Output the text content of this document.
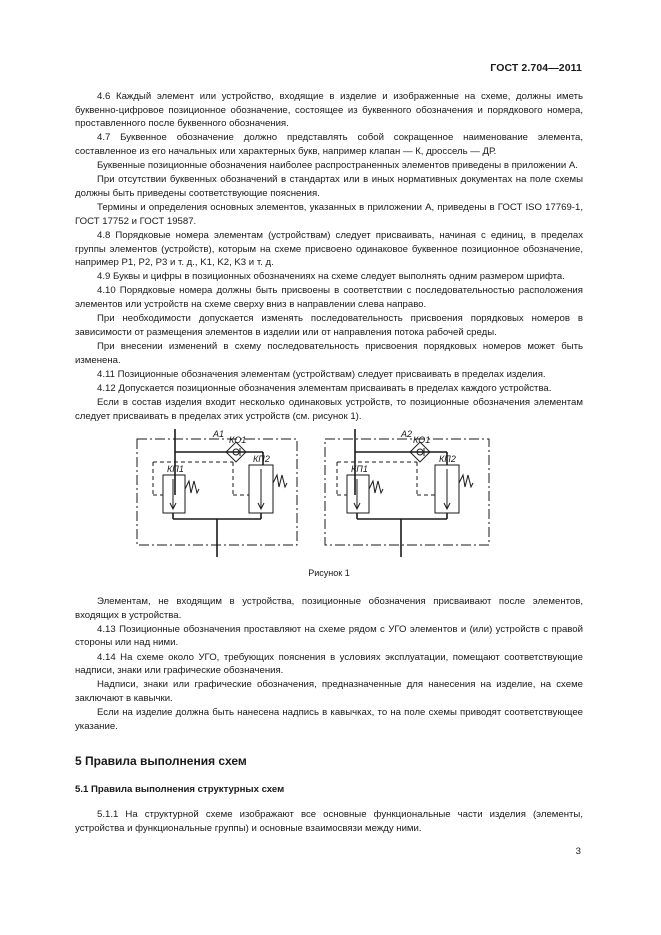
ГОСТ 2.704—2011

4.6 Каждый элемент или устройство, входящие в изделие и изображенные на схеме, должны иметь буквенно-цифровое позиционное обозначение, состоящее из буквенного обозначения и порядкового номера, проставленного после буквенного обозначения.

4.7 Буквенное обозначение должно представлять собой сокращенное наименование элемента, составленное из его начальных или характерных букв, например клапан — К, дроссель — ДР.

Буквенные позиционные обозначения наиболее распространенных элементов приведены в приложении А.

При отсутствии буквенных обозначений в стандартах или в иных нормативных документах на поле схемы должны быть приведены соответствующие пояснения.

Термины и определения основных элементов, указанных в приложении А, приведены в ГОСТ ISO 17769-1, ГОСТ 17752 и ГОСТ 19587.

4.8 Порядковые номера элементам (устройствам) следует присваивать, начиная с единиц, в пределах группы элементов (устройств), которым на схеме присвоено одинаковое буквенное позиционное обозначение, например P1, P2, P3 и т. д., K1, K2, K3 и т. д.

4.9 Буквы и цифры в позиционных обозначениях на схеме следует выполнять одним размером шрифта.

4.10 Порядковые номера должны быть присвоены в соответствии с последовательностью расположения элементов или устройств на схеме сверху вниз в направлении слева направо.

При необходимости допускается изменять последовательность присвоения порядковых номеров в зависимости от размещения элементов в изделии или от направления потока рабочей среды.

При внесении изменений в схему последовательность присвоения порядковых номеров может быть изменена.

4.11 Позиционные обозначения элементам (устройствам) следует присваивать в пределах изделия.

4.12 Допускается позиционные обозначения элементам присваивать в пределах каждого устройства.

Если в состав изделия входит несколько одинаковых устройств, то позиционные обозначения элементам следует присваивать в пределах этих устройств (см. рисунок 1).

А1	А2
КО1	КО1
КП1	КП1
КП2	КП2
Рисунок 1

Элементам, не входящим в устройства, позиционные обозначения присваивают после элементов, входящих в устройства.

4.13 Позиционные обозначения проставляют на схеме рядом с УГО элементов и (или) устройств с правой стороны или над ними.

4.14 На схеме около УГО, требующих пояснения в условиях эксплуатации, помещают соответствующие надписи, знаки или графические обозначения.

Надписи, знаки или графические обозначения, предназначенные для нанесения на изделие, на схеме заключают в кавычки.

Если на изделие должна быть нанесена надпись в кавычках, то на поле схемы приводят соответствующее указание.

5 Правила выполнения схем
5.1 Правила выполнения структурных схем

5.1.1 На структурной схеме изображают все основные функциональные части изделия (элементы, устройства и функциональные группы) и основные взаимосвязи между ними.

3
